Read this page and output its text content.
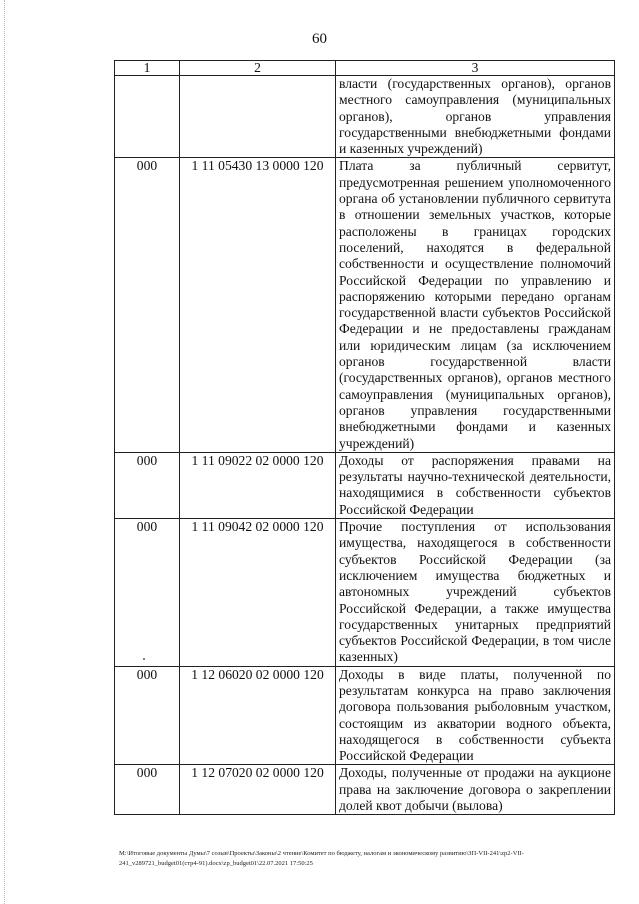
60
1	2	3
		власти (государственных органов), органов местного самоуправления (муниципальных органов), органов управления государственными внебюджетными фондами и казенных учреждений)
000	1 11 05430 13 0000 120	Плата за публичный сервитут, предусмотренная решением уполномоченного органа об установлении публичного сервитута в отношении земельных участков, которые расположены в границах городских поселений, находятся в федеральной собственности и осуществление полномочий Российской Федерации по управлению и распоряжению которыми передано органам государственной власти субъектов Российской Федерации и не предоставлены гражданам или юридическим лицам (за исключением органов государственной власти (государственных органов), органов местного самоуправления (муниципальных органов), органов управления государственными внебюджетными фондами и казенных учреждений)
000	1 11 09022 02 0000 120	Доходы от распоряжения правами на результаты научно-технической деятельности, находящимися в собственности субъектов Российской Федерации
000	1 11 09042 02 0000 120	Прочие поступления от использования имущества, находящегося в собственности субъектов Российской Федерации (за исключением имущества бюджетных и автономных учреждений субъектов Российской Федерации, а также имущества государственных унитарных предприятий субъектов Российской Федерации, в том числе казенных)
000	1 12 06020 02 0000 120	Доходы в виде платы, полученной по результатам конкурса на право заключения договора пользования рыболовным участком, состоящим из акватории водного объекта, находящегося в собственности субъекта Российской Федерации
000	1 12 07020 02 0000 120	Доходы, полученные от продажи на аукционе права на заключение договора о закреплении долей квот добычи (вылова)
М:\Итоговые документы Думы\7 созыв\Проекты\Законы\2 чтение\Комитет по бюджету, налогам и экономическому развитию\ЗП-VII-241\zp2-VII-
241_v289721_budget01(стр4-91).docx\zp_budget01\22.07.2021 17:50:25
